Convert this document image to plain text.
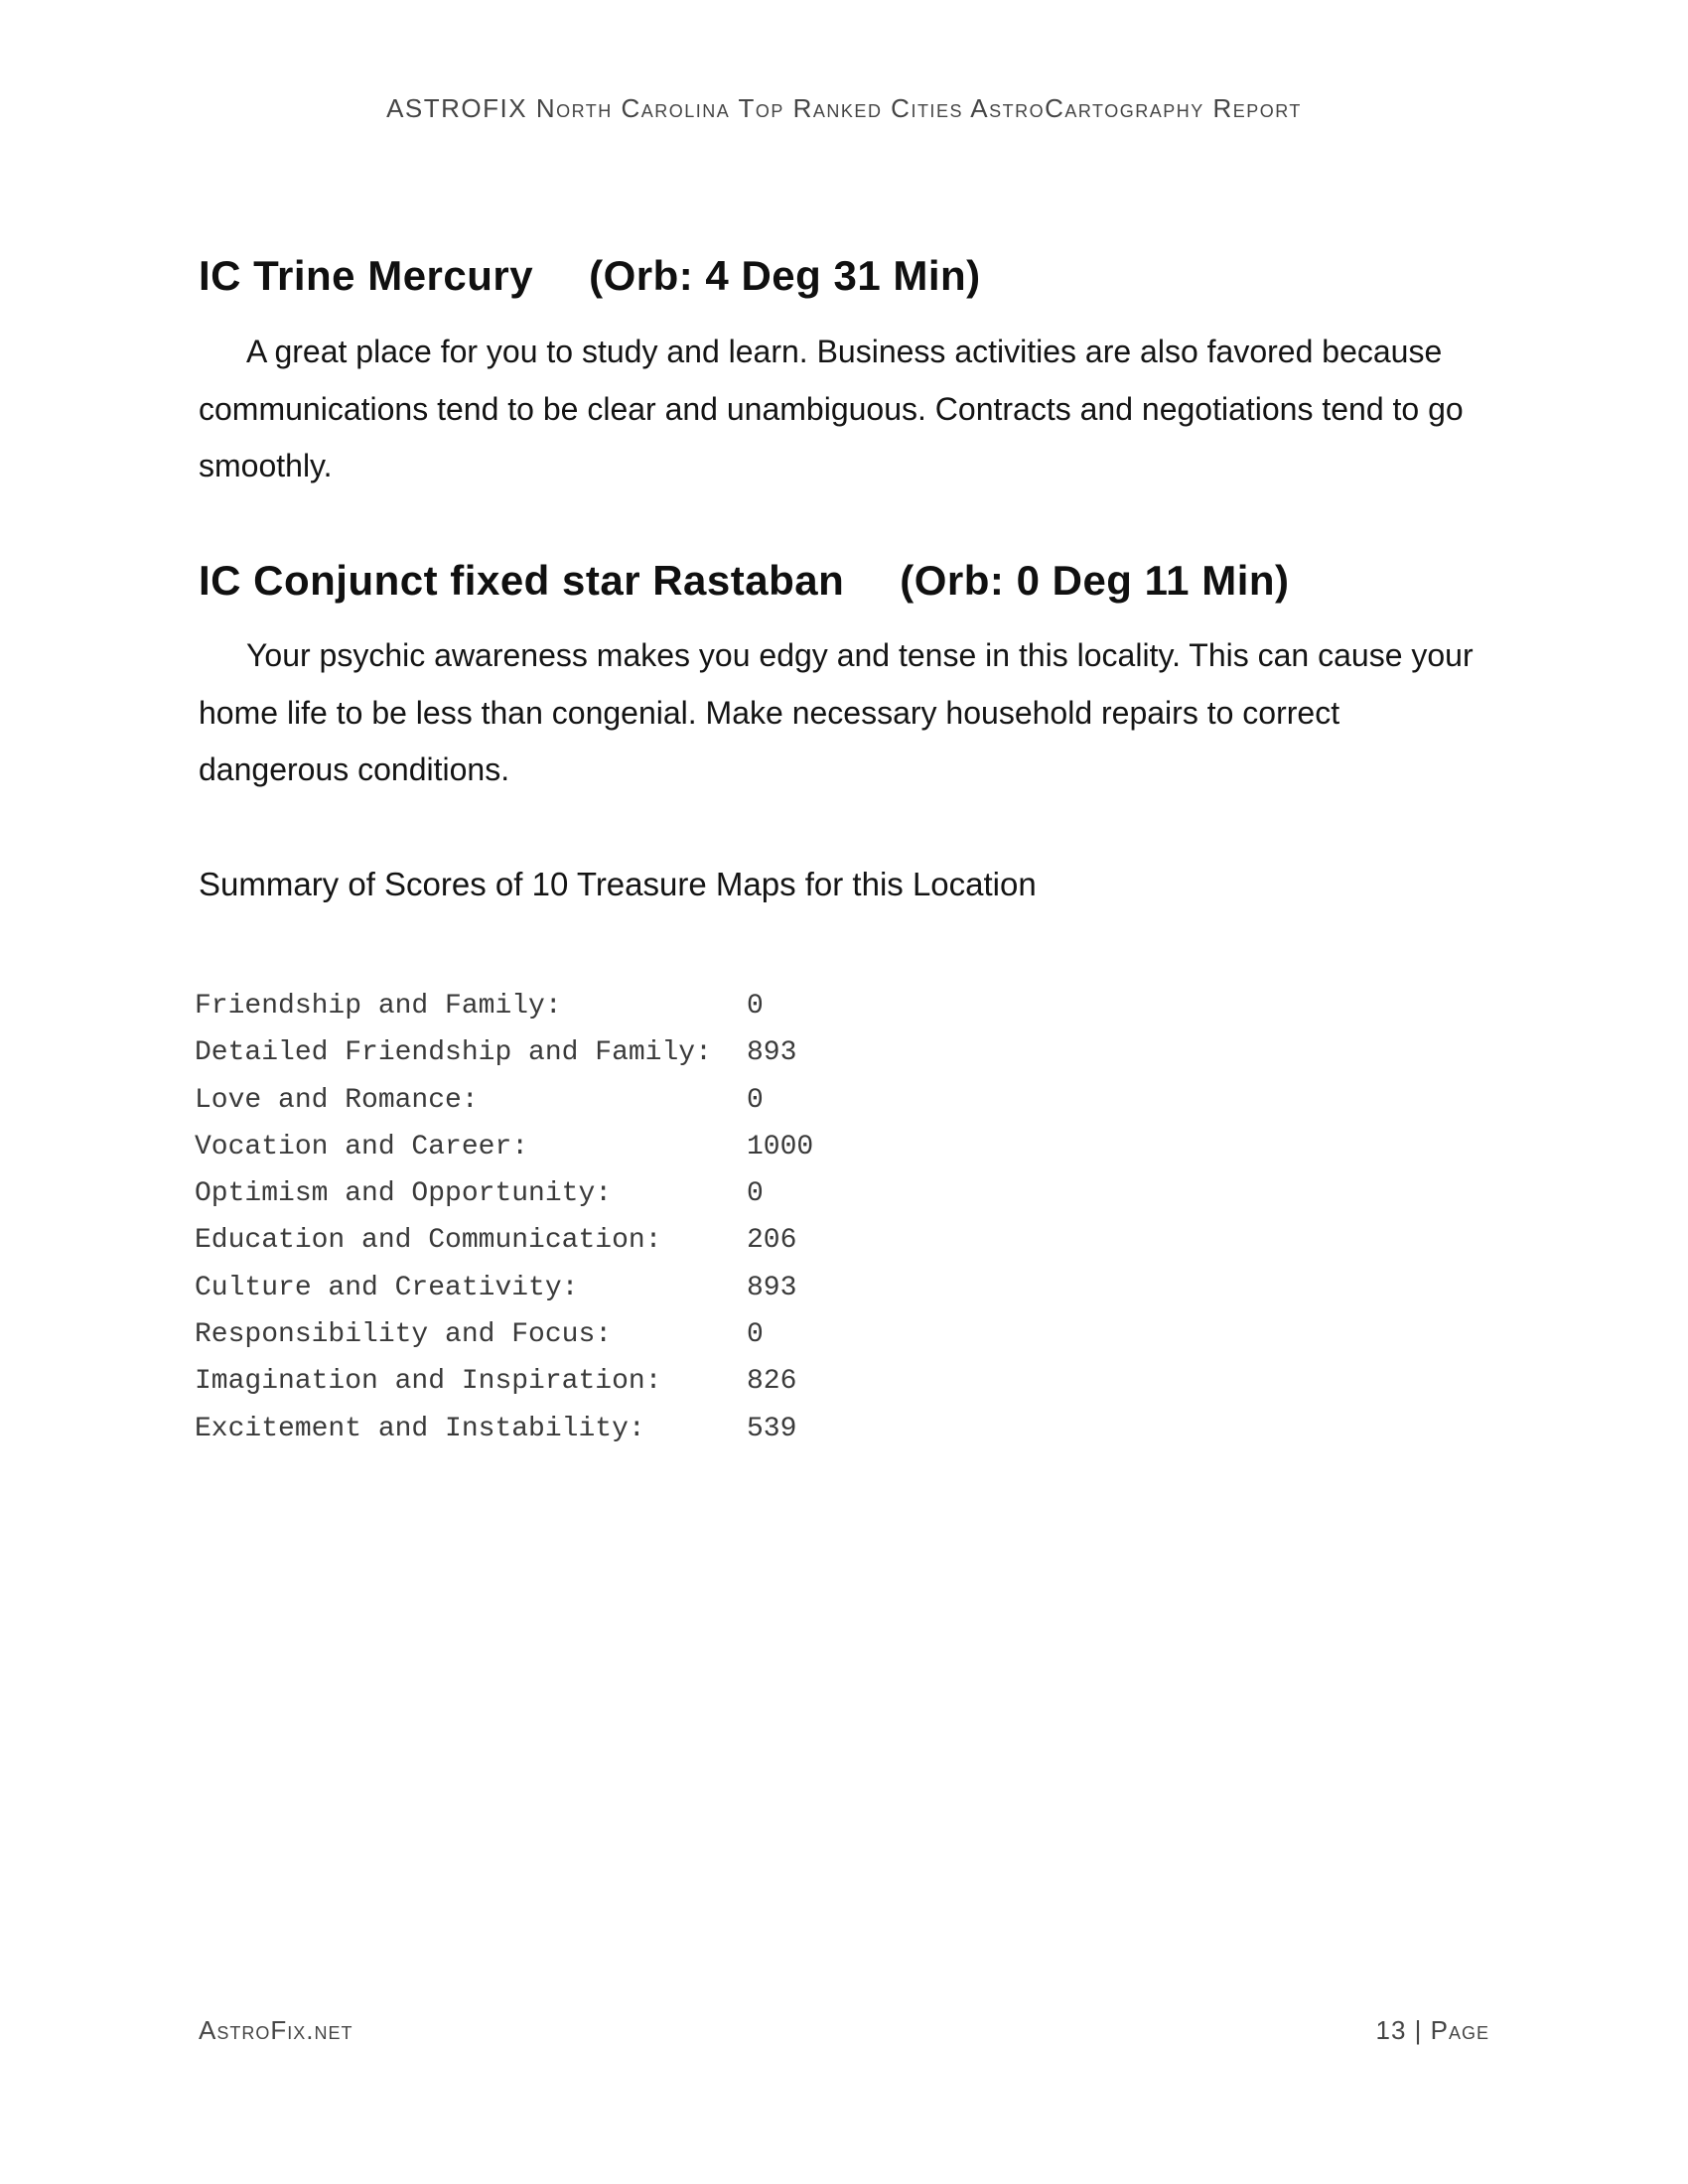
ASTROFIX North Carolina Top Ranked Cities AstroCartography Report
IC Trine Mercury (Orb: 4 Deg 31 Min)
A great place for you to study and learn. Business activities are also favored because
communications tend to be clear and unambiguous. Contracts and negotiations tend to go
smoothly.
IC Conjunct fixed star Rastaban (Orb: 0 Deg 11 Min)
Your psychic awareness makes you edgy and tense in this locality. This can cause your
home life to be less than congenial. Make necessary household repairs to correct
dangerous conditions.
Summary of Scores of 10 Treasure Maps for this Location
Friendship and Family:	0
Detailed Friendship and Family:	893
Love and Romance:	0
Vocation and Career:	1000
Optimism and Opportunity:	0
Education and Communication:	206
Culture and Creativity:	893
Responsibility and Focus:	0
Imagination and Inspiration:	826
Excitement and Instability:	539
AstroFix.net	13 | Page
